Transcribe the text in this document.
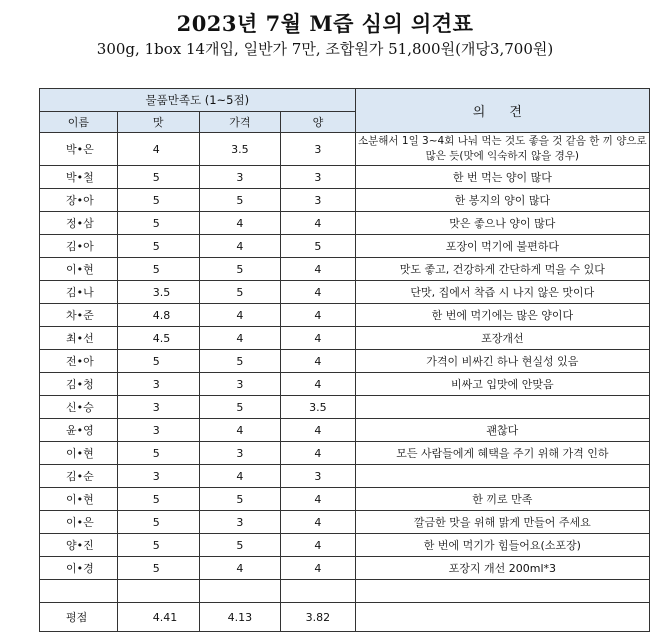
2023년 7월 M즙 심의 의견표
300g, 1box 14개입, 일반가 7만, 조합원가 51,800원(개당3,700원)
물품만족도 (1~5점)				의 견
이름	맛	가격	양	
박•은	4	3.5	3	소분해서 1일 3~4회 나눠 먹는 것도 좋을 것 같음 한 끼 양으로 많은 듯(맛에 익숙하지 않을 경우)
박•철	5	3	3	한 번 먹는 양이 많다
장•아	5	5	3	한 봉지의 양이 많다
정•삼	5	4	4	맛은 좋으나 양이 많다
김•아	5	4	5	포장이 먹기에 불편하다
이•현	5	5	4	맛도 좋고, 건강하게 간단하게 먹을 수 있다
김•나	3.5	5	4	단맛, 집에서 착즙 시 나지 않은 맛이다
차•준	4.8	4	4	한 번에 먹기에는 많은 양이다
최•선	4.5	4	4	포장개선
전•아	5	5	4	가격이 비싸긴 하나 현실성 있음
김•청	3	3	4	비싸고 입맛에 안맞음
신•승	3	5	3.5	
윤•영	3	4	4	괜찮다
이•현	5	3	4	모든 사람들에게 혜택을 주기 위해 가격 인하
김•순	3	4	3	
이•현	5	5	4	한 끼로 만족
이•은	5	3	4	깔금한 맛을 위해 맑게 만들어 주세요
양•진	5	5	4	한 번에 먹기가 힘들어요(소포장)
이•경	5	4	4	포장지 개선 200ml*3

평점	4.41	4.13	3.82	
